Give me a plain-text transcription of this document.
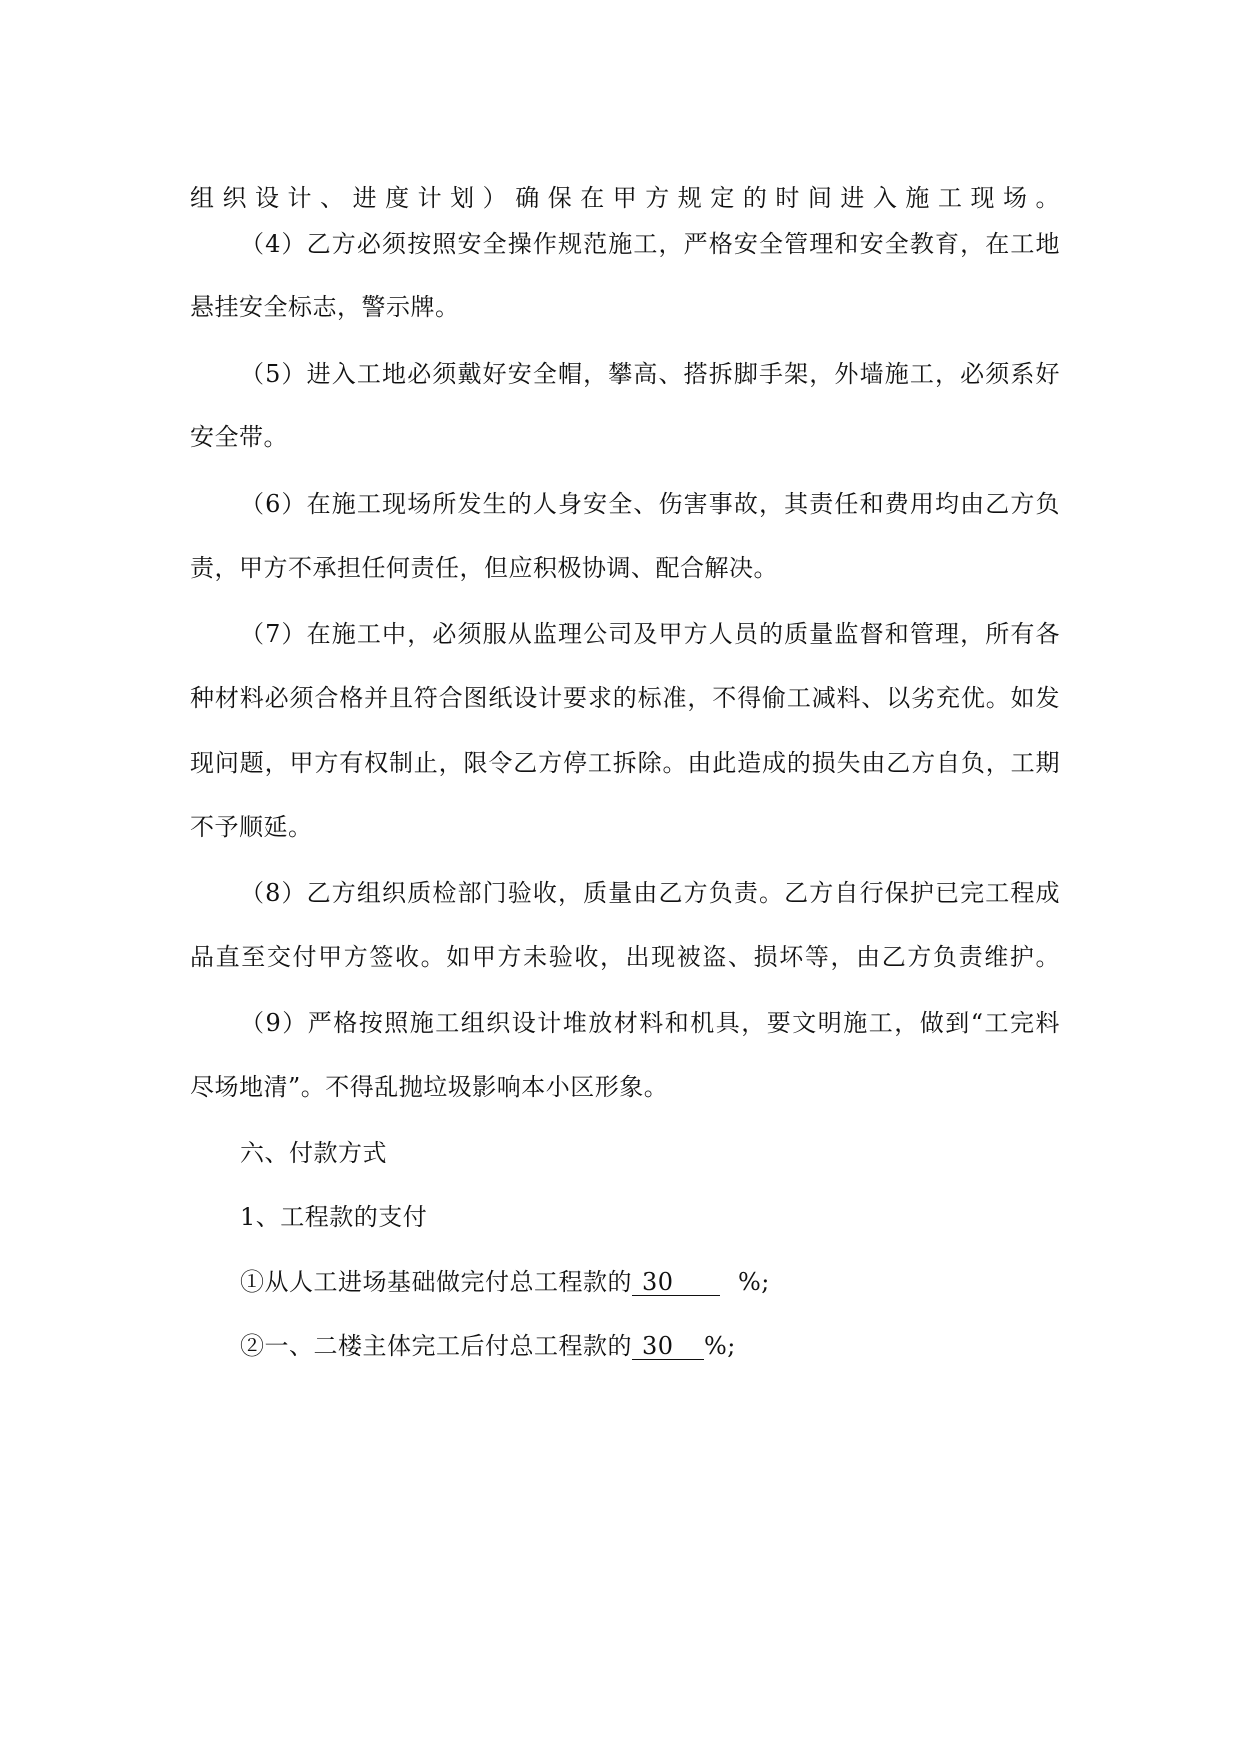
组织设计、进度计划）确保在甲方规定的时间进入施工现场。
（4）乙方必须按照安全操作规范施工，严格安全管理和安全教育，在工地
悬挂安全标志，警示牌。
（5）进入工地必须戴好安全帽，攀高、搭拆脚手架，外墙施工，必须系好
安全带。
（6）在施工现场所发生的人身安全、伤害事故，其责任和费用均由乙方负
责，甲方不承担任何责任，但应积极协调、配合解决。
（7）在施工中，必须服从监理公司及甲方人员的质量监督和管理，所有各
种材料必须合格并且符合图纸设计要求的标准，不得偷工减料、以劣充优。如发
现问题，甲方有权制止，限令乙方停工拆除。由此造成的损失由乙方自负，工期
不予顺延。
（8）乙方组织质检部门验收，质量由乙方负责。乙方自行保护已完工程成
品直至交付甲方签收。如甲方未验收，出现被盗、损坏等，由乙方负责维护。
（9）严格按照施工组织设计堆放材料和机具，要文明施工，做到“工完料
尽场地清”。不得乱抛垃圾影响本小区形象。
六、付款方式
1、工程款的支付
①从人工进场基础做完付总工程款的 30	%;
②一、二楼主体完工后付总工程款的 30 %;
